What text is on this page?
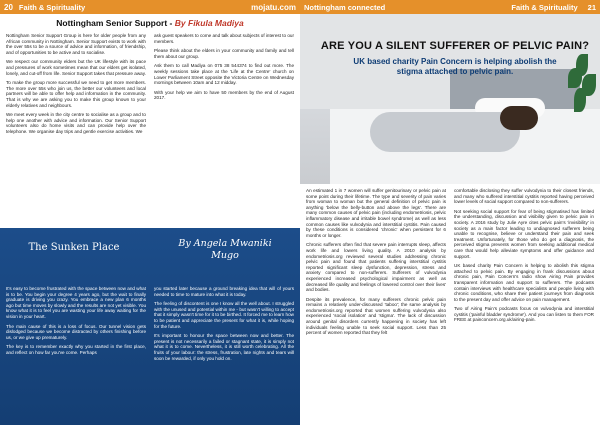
20 Faith & Spirituality	mojatu.com
Nottingham Senior Support - By Fikula Madiya

Nottingham Senior Support Group is here for older people from any African community in Nottingham. Senior Support exists to work with the over 55s to be a source of advice and information, of friendship, and of opportunities to be active and to socialise.

We respect our community elders but the UK lifestyle with its pace and pressures of work sometimes mean that our elders get isolated, lonely, and cut-off from life. Senior Support takes that pressure away.

To make the group more successful we need to get more members. The more over 55s who join us, the better our volunteers and local partners will be able to offer help and information in the community. That is why we are asking you to make this group known to your elderly relatives and neighbours.

We meet every week in the city centre to socialise as a group and to help one another with advice and information. Our Senior Support volunteers also do home visits and can provide help over the telephone. We organise day trips and gentle exercise activities. We

ask guest speakers to come and talk about subjects of interest to our members.

Please think about the elders in your community and family and tell them about our group.

Ask them to call Madiya on 075 38 544374 to find out more. The weekly sessions take place at the 'Life at the Centre' church on Lower Parliament Street opposite the Victoria Centre on Wednesday mornings between 10am and 12 midday.

With your help we aim to have 50 members by the end of August 2017.

The Sunken Place	By Angela Mwaniki Mugo

It's easy to become frustrated with the space between now and what is to be. You begin your degree 4 years ago, but the wait to finally graduate is driving you crazy. You embrace a new plan 6 months ago but time moves by slowly and the results are not yet visible. You know what it is to feel you are wasting your life away waiting for the vision in your heart.

The main cause of this is a loss of focus. Our tunnel vision gets dislodged because we become distracted by others finishing before us, or we give up prematurely.

The key is to remember exactly why you started in the first place, and reflect on how far you've come. Perhaps

you started later because a ground breaking idea that will of yours needed to time to mature into what it is today.

The feeling of discontent is one I know all the well about. I struggled with the unused and potential within me - but wasn't willing to accept that it simply wasn't time for it to be birthed. It forced me to learn how to be patient and appreciate the present for what it is, while hoping for the future.

It's important to honour the space between now and better. The present is not necessarily a failed or stagnant state, it is simply not what it is to come. Nevertheless, it is still worth celebrating. All the fruits of your labour: the stress, frustration, late nights and tears will soon be rewarded, if only you hold on.

Nottingham connected	Faith & Spirituality 21
ARE YOU A SILENT SUFFERER OF PELVIC PAIN?
UK based charity Pain Concern is helping abolish the stigma attached to pelvic pain.

An estimated 1 in 7 women will suffer genitourinary or pelvic pain at some point during their lifetime. The type and severity of pain varies from woman to woman but the general definition of pelvic pain is anything 'below the belly-button and above the legs'. There are many common causes of pelvic pain (including endometriosis, pelvic inflammatory disease and irritable bowel syndrome) as well as less common causes like vulvodynia and interstitial cystitis. Pain caused by these conditions is considered 'chronic' when persistent for 6 months or longer.

Chronic sufferers often find that severe pain interrupts sleep, affects work life and lowers living quality. A 2010 analysis by endometriosis.org reviewed several studies addressing chronic pelvic pain and found that patients suffering interstitial cystitis reported significant sleep dysfunction, depression, stress and anxiety compared to non-sufferers. Sufferers of vulvodynia experienced increased psychological impairment as well as decreased life quality and feelings of lowered control over their lives' and bodies.

Despite its prevalence, for many sufferers chronic pelvic pain remains a relatively under-discussed 'taboo'; the same analysis by endometriosis.org reported that women suffering vulvodynia also experienced 'social isolation' and 'stigma'. The lack of discussion around genital disorders currently happening in society has left individuals feeling unable to seek social support. Less than 25 percent of women reported that they felt

comfortable disclosing they suffer vulvodynia to their closest friends, and many who suffered interstitial cystitis reported having perceived lower levels of social support compared to non-sufferers.

Not seeking social support for fear of being stigmatised has limited the understanding, discussion and visibility given to pelvic pain in society. A 2016 study by Julie Ayre cites pelvic pain's 'invisibility' in society as a main factor leading to undiagnosed sufferers being unable to recognise, believe or understand their pain and seek treatment. Unfortunately, for those who do get a diagnosis, the perceived stigma prevents women from seeking additional medical care that would help alleviate symptoms and offer guidance and support.

UK based charity Pain Concern is helping to abolish this stigma attached to pelvic pain. By engaging in frank discussions about chronic pain, Pain Concern's radio show Airing Pain provides transparent information and support to sufferers. The podcasts contain interviews with healthcare specialists and people living with chronic conditions, who share their patient journeys from diagnosis to the present day and offer advice on pain management.

Two of Airing Pain's podcasts focus on vulvodynia and interstitial cystitis ('painful bladder syndrome'). And you can listen to them FOR FREE at painconcern.org.uk/airing-pain.
